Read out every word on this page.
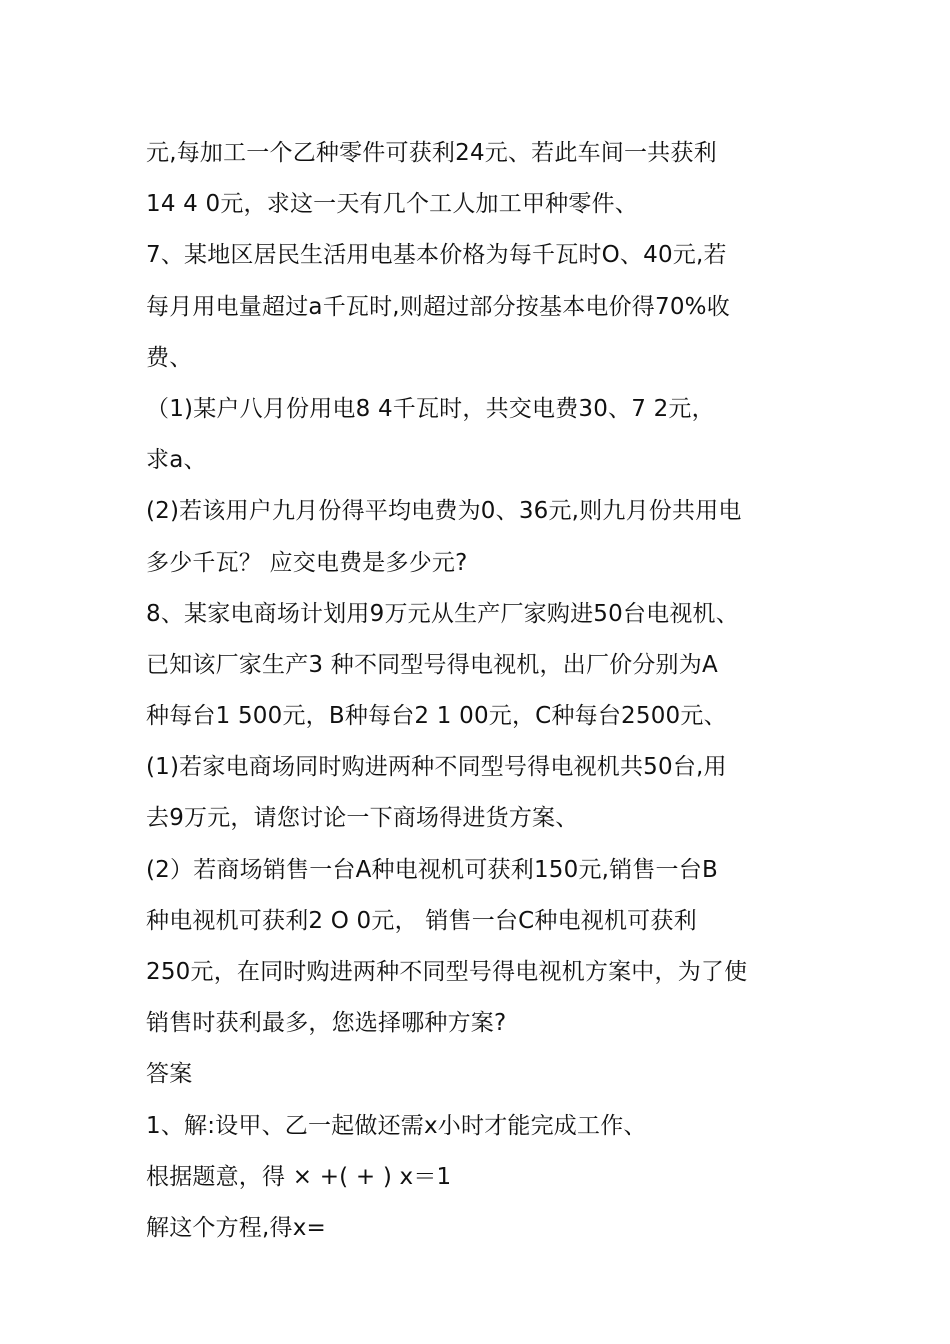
元,每加工一个乙种零件可获利24元、若此车间一共获利
14 4 0元，求这一天有几个工人加工甲种零件、
7、某地区居民生活用电基本价格为每千瓦时O、40元,若
每月用电量超过a千瓦时,则超过部分按基本电价得70%收
费、
（1)某户八月份用电8 4千瓦时，共交电费30、7 2元，
求a、
(2)若该用户九月份得平均电费为0、36元,则九月份共用电
多少千瓦？ 应交电费是多少元?
8、某家电商场计划用9万元从生产厂家购进50台电视机、
已知该厂家生产3 种不同型号得电视机，出厂价分别为A
种每台1 500元，B种每台2 1 00元，C种每台2500元、
(1)若家电商场同时购进两种不同型号得电视机共50台,用
去9万元，请您讨论一下商场得进货方案、
(2）若商场销售一台A种电视机可获利150元,销售一台B
种电视机可获利2 O 0元， 销售一台C种电视机可获利
250元，在同时购进两种不同型号得电视机方案中，为了使
销售时获利最多，您选择哪种方案?
答案
1、解:设甲、乙一起做还需x小时才能完成工作、
根据题意，得 × +( + ) x＝1
解这个方程,得x=
